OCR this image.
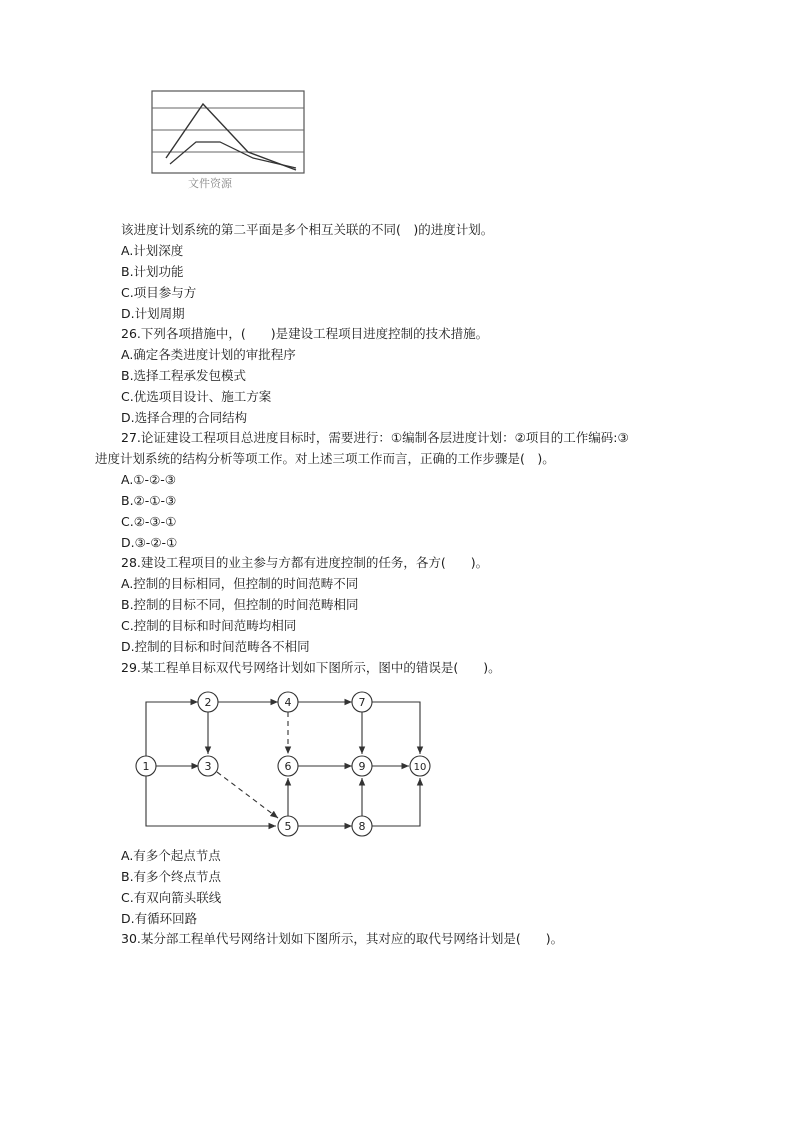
文件资源
该进度计划系统的第二平面是多个相互关联的不同(　)的进度计划。
A.计划深度
B.计划功能
C.项目参与方
D.计划周期
26.下列各项措施中，(　　)是建设工程项目进度控制的技术措施。
A.确定各类进度计划的审批程序
B.选择工程承发包模式
C.优选项目设计、施工方案
D.选择合理的合同结构
27.论证建设工程项目总进度目标时，需要进行：①编制各层进度计划：②项目的工作编码:③
进度计划系统的结构分析等项工作。对上述三项工作而言，正确的工作步骤是(　)。
A.①-②-③
B.②-①-③
C.②-③-①
D.③-②-①
28.建设工程项目的业主参与方都有进度控制的任务，各方(　　)。
A.控制的目标相同，但控制的时间范畴不同
B.控制的目标不同，但控制的时间范畴相同
C.控制的目标和时间范畴均相同
D.控制的目标和时间范畴各不相同
29.某工程单目标双代号网络计划如下图所示，图中的错误是(　　)。
1
2
3
4
5
6
7
8
9	10
A.有多个起点节点
B.有多个终点节点
C.有双向箭头联线
D.有循环回路
30.某分部工程单代号网络计划如下图所示，其对应的取代号网络计划是(　　)。
